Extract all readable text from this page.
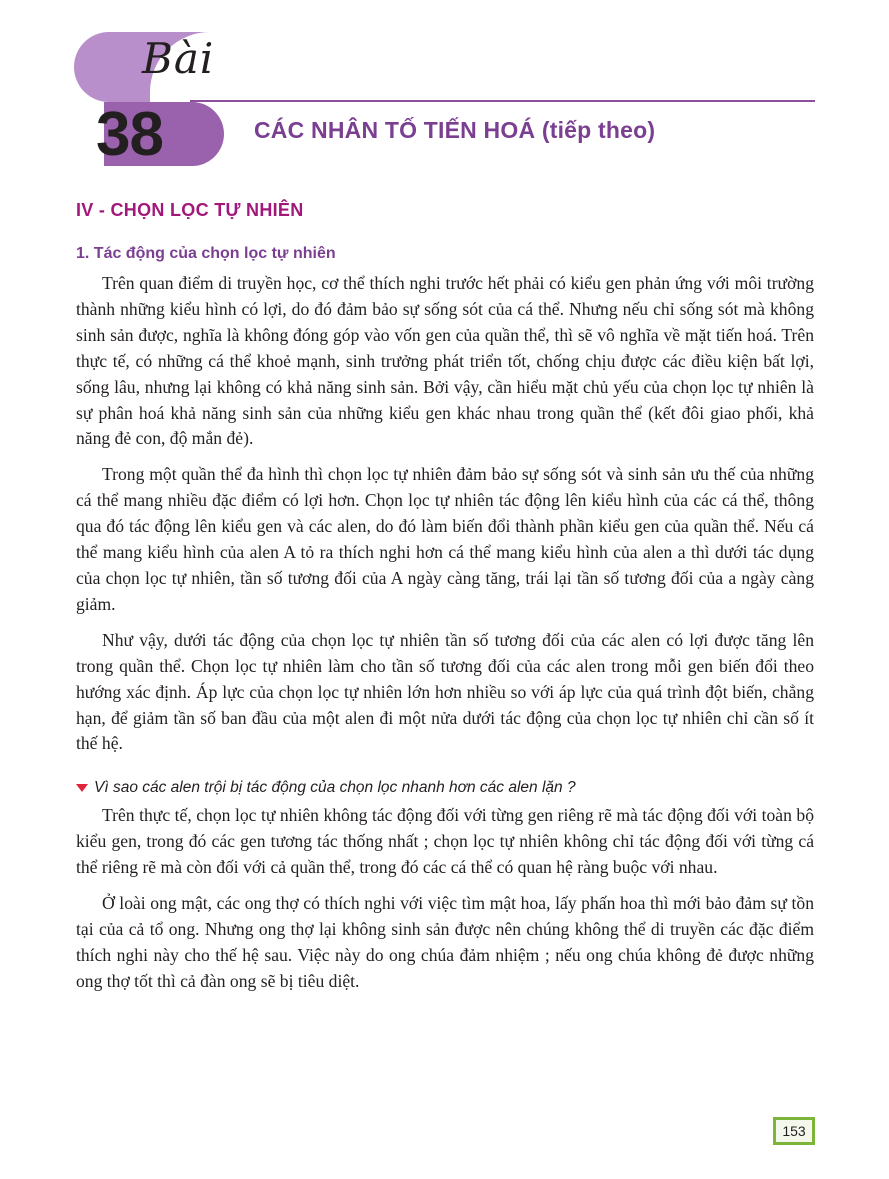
Bài
38	CÁC NHÂN TỐ TIẾN HOÁ (tiếp theo)
IV - CHỌN LỌC TỰ NHIÊN
1. Tác động của chọn lọc tự nhiên

Trên quan điểm di truyền học, cơ thể thích nghi trước hết phải có kiểu gen phản ứng với môi trường thành những kiểu hình có lợi, do đó đảm bảo sự sống sót của cá thể. Nhưng nếu chỉ sống sót mà không sinh sản được, nghĩa là không đóng góp vào vốn gen của quần thể, thì sẽ vô nghĩa về mặt tiến hoá. Trên thực tế, có những cá thể khoẻ mạnh, sinh trưởng phát triển tốt, chống chịu được các điều kiện bất lợi, sống lâu, nhưng lại không có khả năng sinh sản. Bởi vậy, cần hiểu mặt chủ yếu của chọn lọc tự nhiên là sự phân hoá khả năng sinh sản của những kiểu gen khác nhau trong quần thể (kết đôi giao phối, khả năng đẻ con, độ mắn đẻ).

Trong một quần thể đa hình thì chọn lọc tự nhiên đảm bảo sự sống sót và sinh sản ưu thế của những cá thể mang nhiều đặc điểm có lợi hơn. Chọn lọc tự nhiên tác động lên kiểu hình của các cá thể, thông qua đó tác động lên kiểu gen và các alen, do đó làm biến đổi thành phần kiểu gen của quần thể. Nếu cá thể mang kiểu hình của alen A tỏ ra thích nghi hơn cá thể mang kiểu hình của alen a thì dưới tác dụng của chọn lọc tự nhiên, tần số tương đối của A ngày càng tăng, trái lại tần số tương đối của a ngày càng giảm.

Như vậy, dưới tác động của chọn lọc tự nhiên tần số tương đối của các alen có lợi được tăng lên trong quần thể. Chọn lọc tự nhiên làm cho tần số tương đối của các alen trong mỗi gen biến đổi theo hướng xác định. Áp lực của chọn lọc tự nhiên lớn hơn nhiều so với áp lực của quá trình đột biến, chẳng hạn, để giảm tần số ban đầu của một alen đi một nửa dưới tác động của chọn lọc tự nhiên chỉ cần số ít thế hệ.

Vì sao các alen trội bị tác động của chọn lọc nhanh hơn các alen lặn ?

Trên thực tế, chọn lọc tự nhiên không tác động đối với từng gen riêng rẽ mà tác động đối với toàn bộ kiểu gen, trong đó các gen tương tác thống nhất ; chọn lọc tự nhiên không chỉ tác động đối với từng cá thể riêng rẽ mà còn đối với cả quần thể, trong đó các cá thể có quan hệ ràng buộc với nhau.

Ở loài ong mật, các ong thợ có thích nghi với việc tìm mật hoa, lấy phấn hoa thì mới bảo đảm sự tồn tại của cả tổ ong. Nhưng ong thợ lại không sinh sản được nên chúng không thể di truyền các đặc điểm thích nghi này cho thế hệ sau. Việc này do ong chúa đảm nhiệm ; nếu ong chúa không đẻ được những ong thợ tốt thì cả đàn ong sẽ bị tiêu diệt.

153
